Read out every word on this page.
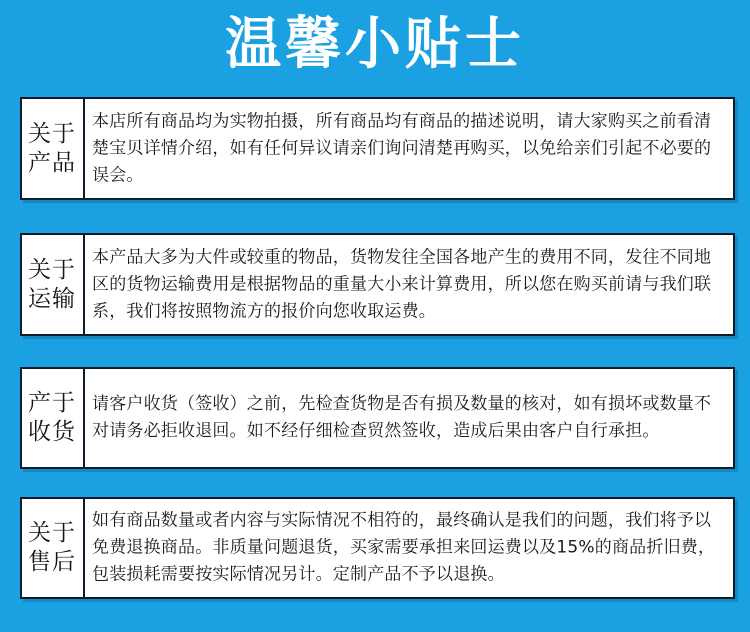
温馨小贴士
关于产品
本店所有商品均为实物拍摄，所有商品均有商品的描述说明，请大家购买之前看清楚宝贝详情介绍，如有任何异议请亲们询问清楚再购买，以免给亲们引起不必要的误会。
关于运输
本产品大多为大件或较重的物品，货物发往全国各地产生的费用不同，发往不同地区的货物运输费用是根据物品的重量大小来计算费用，所以您在购买前请与我们联系，我们将按照物流方的报价向您收取运费。
产于收货
请客户收货（签收）之前，先检查货物是否有损及数量的核对，如有损坏或数量不对请务必拒收退回。如不经仔细检查贸然签收，造成后果由客户自行承担。
关于售后
如有商品数量或者内容与实际情况不相符的，最终确认是我们的问题，我们将予以免费退换商品。非质量问题退货，买家需要承担来回运费以及15%的商品折旧费，包装损耗需要按实际情况另计。定制产品不予以退换。
